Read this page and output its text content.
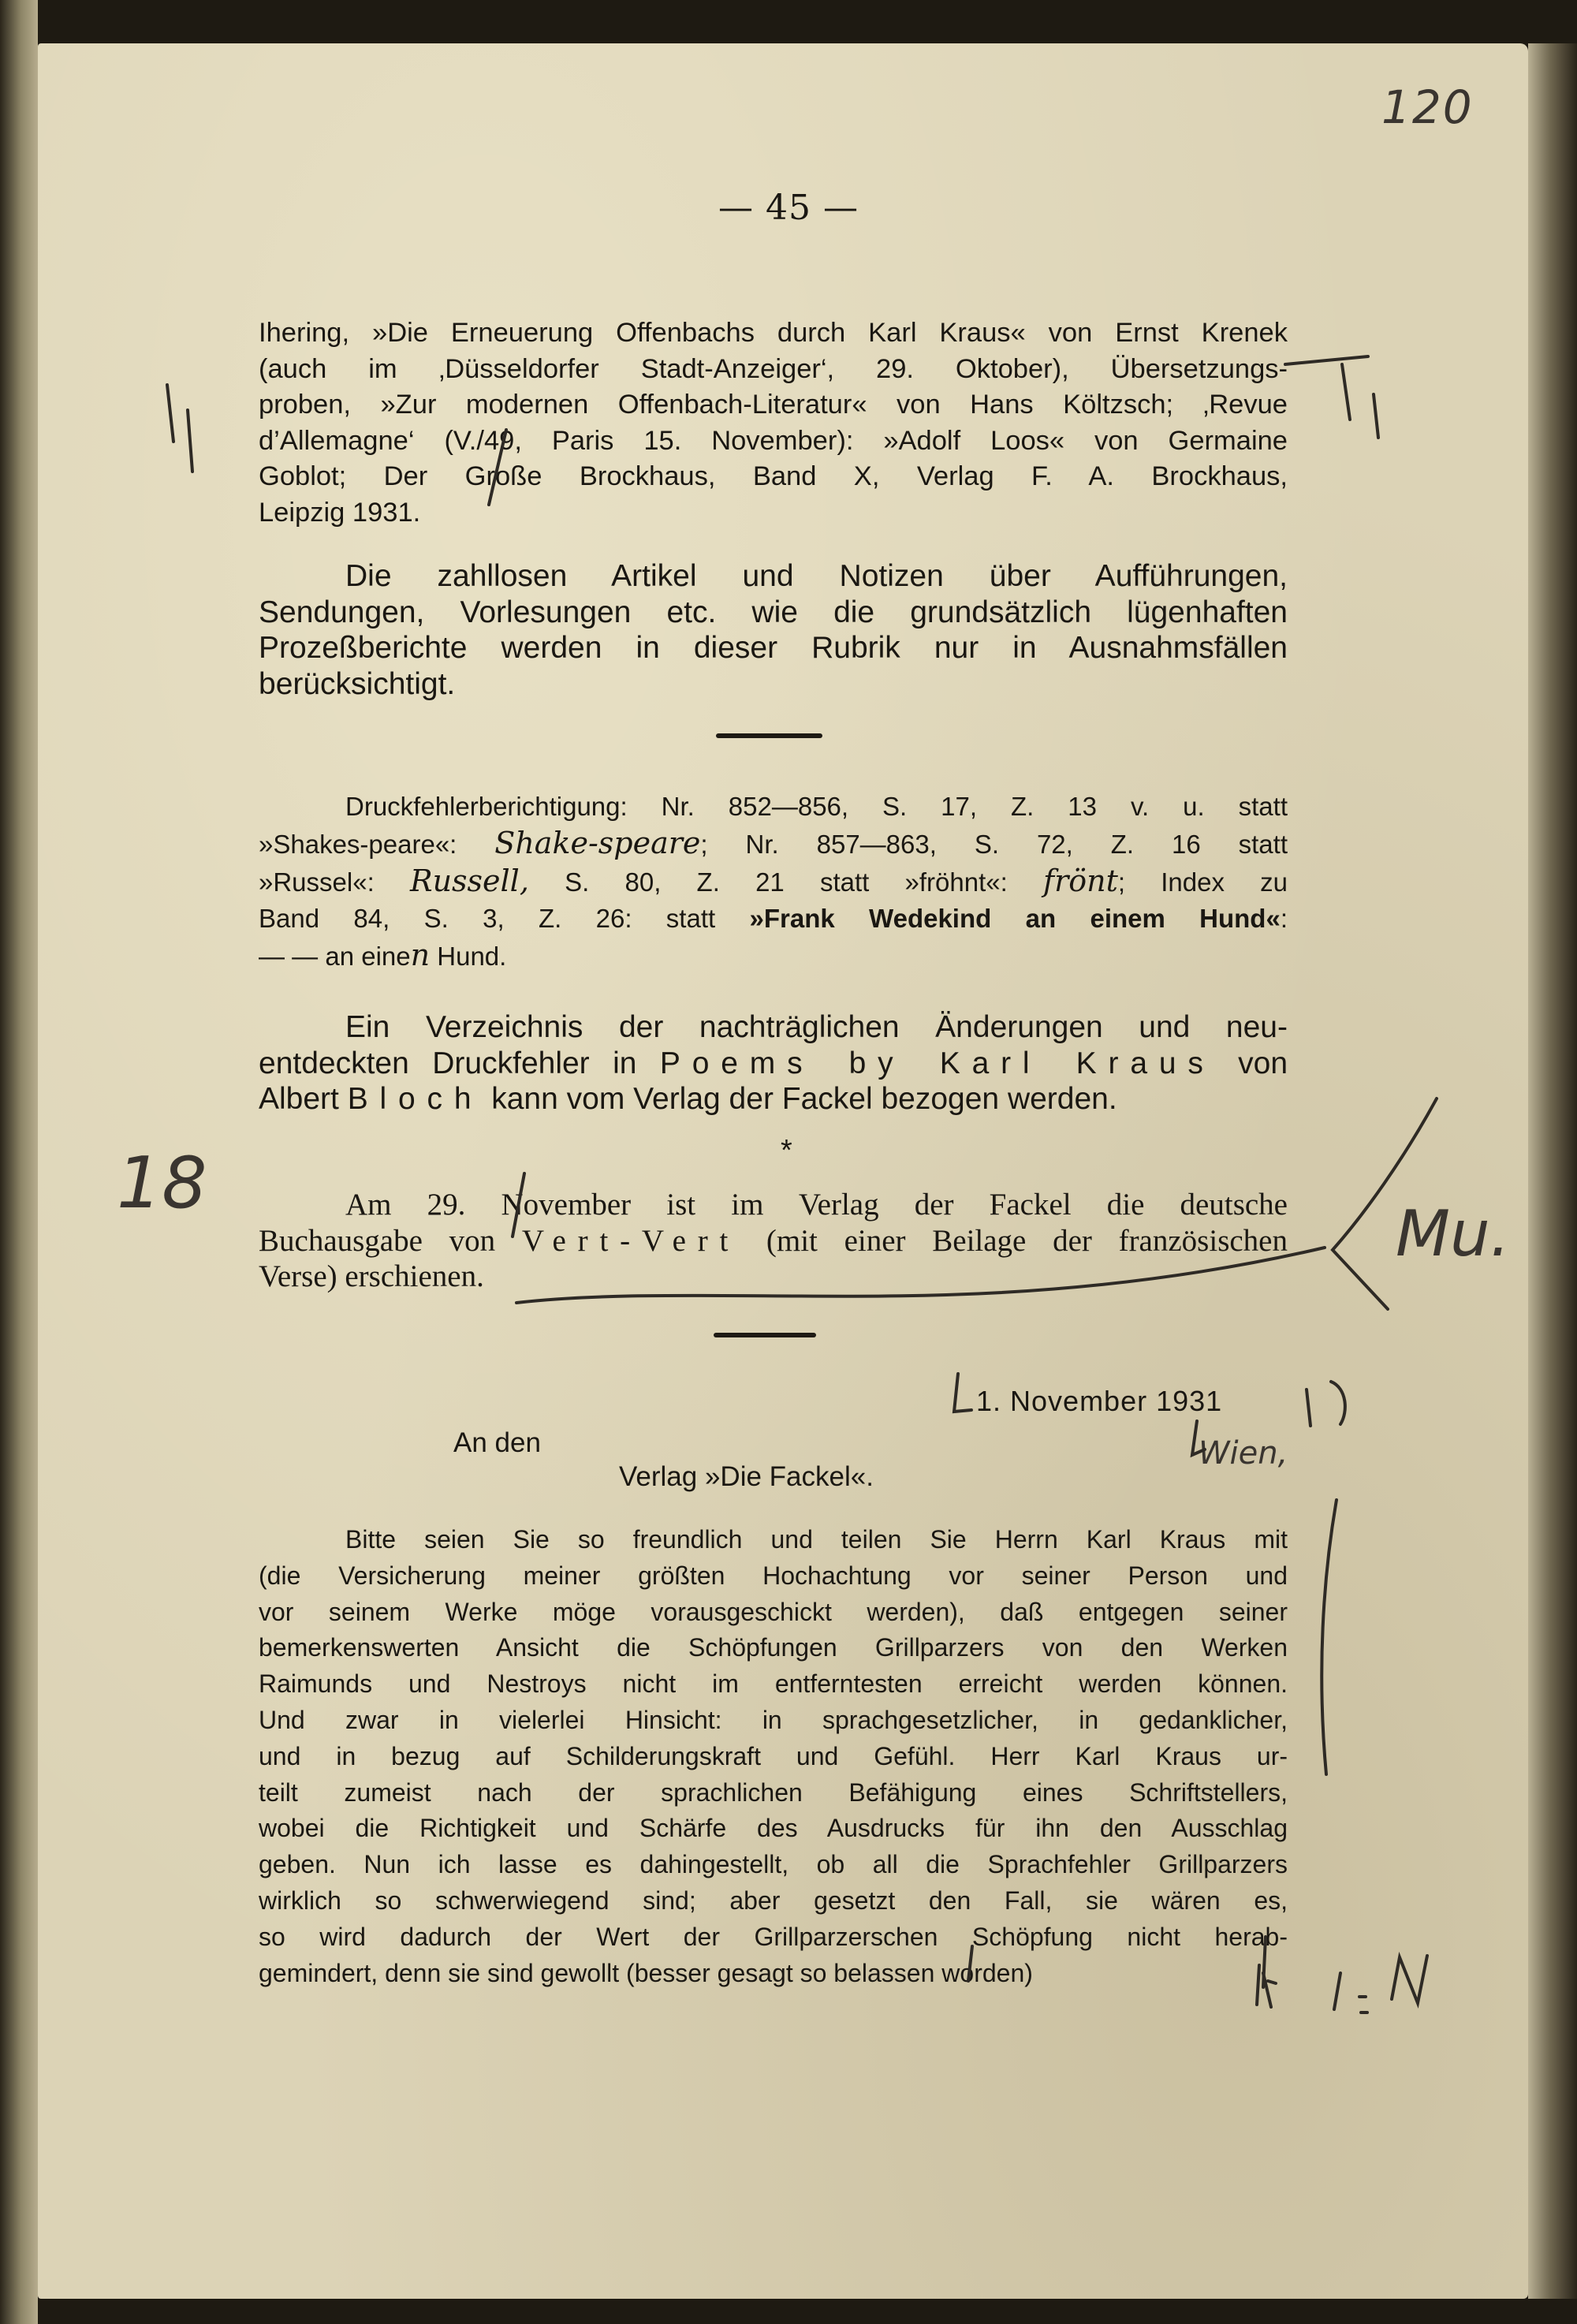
— 45 —
Ihering, »Die Erneuerung Offenbachs durch Karl Kraus« von Ernst Krenek
(auch im ‚Düsseldorfer Stadt-Anzeiger‘, 29. Oktober), Übersetzungs-
proben, »Zur modernen Offenbach-Literatur« von Hans Költzsch; ‚Revue
d’Allemagne‘ (V./49, Paris 15. November): »Adolf Loos« von Germaine
Goblot; Der Große Brockhaus, Band X, Verlag F. A. Brockhaus,
Leipzig 1931.
Die zahllosen Artikel und Notizen über Aufführungen,
Sendungen, Vorlesungen etc. wie die grundsätzlich lügenhaften
Prozeßberichte werden in dieser Rubrik nur in Ausnahmsfällen
berücksichtigt.
Druckfehlerberichtigung: Nr. 852—856, S. 17, Z. 13 v. u. statt
»Shakes-peare«: Shake-speare; Nr. 857—863, S. 72, Z. 16 statt
»Russel«: Russell, S. 80, Z. 21 statt »fröhnt«: frönt; Index zu
Band 84, S. 3, Z. 26: statt »Frank Wedekind an einem Hund«:
— — an einen Hund.
Ein Verzeichnis der nachträglichen Änderungen und neu-
entdeckten Druckfehler in Poems by Karl Kraus von
Albert Bloch kann vom Verlag der Fackel bezogen werden.
*
Am 29. November ist im Verlag der Fackel die deutsche
Buchausgabe von Vert-Vert (mit einer Beilage der französischen
Verse) erschienen.
1. November 1931
An den
Verlag »Die Fackel«.
Bitte seien Sie so freundlich und teilen Sie Herrn Karl Kraus mit
(die Versicherung meiner größten Hochachtung vor seiner Person und
vor seinem Werke möge vorausgeschickt werden), daß entgegen seiner
bemerkenswerten Ansicht die Schöpfungen Grillparzers von den Werken
Raimunds und Nestroys nicht im entferntesten erreicht werden können.
Und zwar in vielerlei Hinsicht: in sprachgesetzlicher, in gedanklicher,
und in bezug auf Schilderungskraft und Gefühl. Herr Karl Kraus ur-
teilt zumeist nach der sprachlichen Befähigung eines Schriftstellers,
wobei die Richtigkeit und Schärfe des Ausdrucks für ihn den Ausschlag
geben. Nun ich lasse es dahingestellt, ob all die Sprachfehler Grillparzers
wirklich so schwerwiegend sind; aber gesetzt den Fall, sie wären es,
so wird dadurch der Wert der Grillparzerschen Schöpfung nicht herab-
gemindert, denn sie sind gewollt (besser gesagt so belassen worden)
120
18
Mu.
Wien,
